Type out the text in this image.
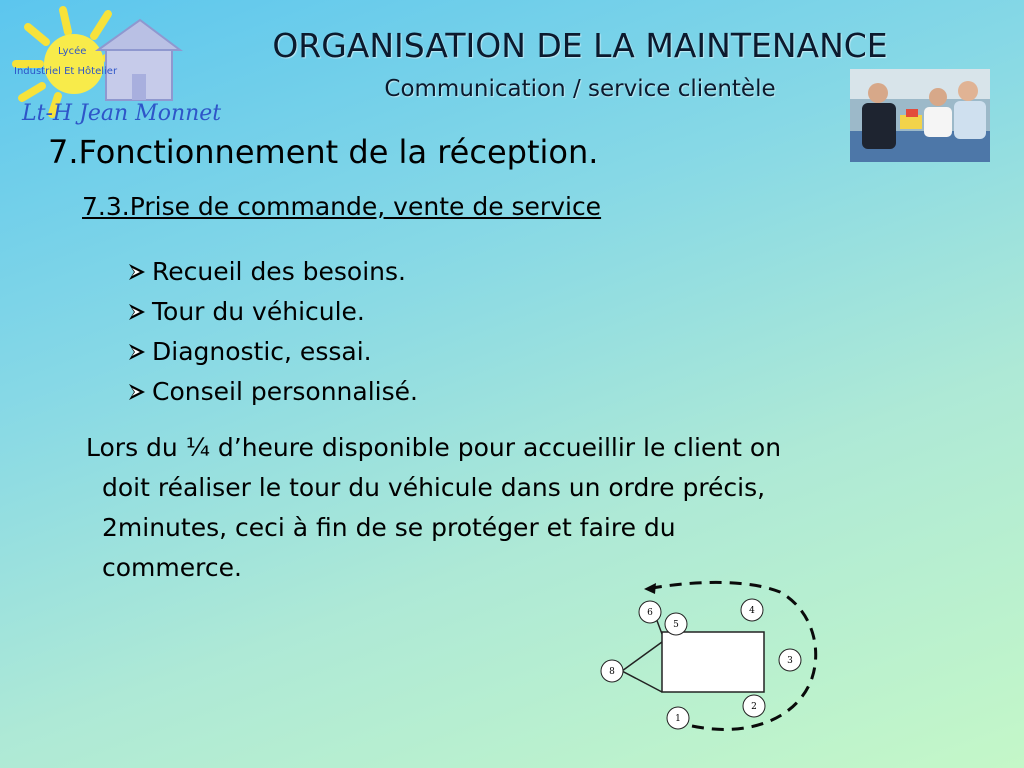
Lycée
Industriel Et Hôtelier
Lt-H Jean Monnet
ORGANISATION DE LA MAINTENANCE
Communication / service clientèle
7.Fonctionnement de la réception.
7.3.Prise de commande, vente de service
Recueil des besoins.
Tour du véhicule.
Diagnostic, essai.
Conseil personnalisé.
Lors du ¼ d’heure disponible pour accueillir le client on
doit réaliser le tour du véhicule dans un ordre précis,
2minutes, ceci à fin de se protéger et faire du
commerce.
1
2
3
4
5
6
8
